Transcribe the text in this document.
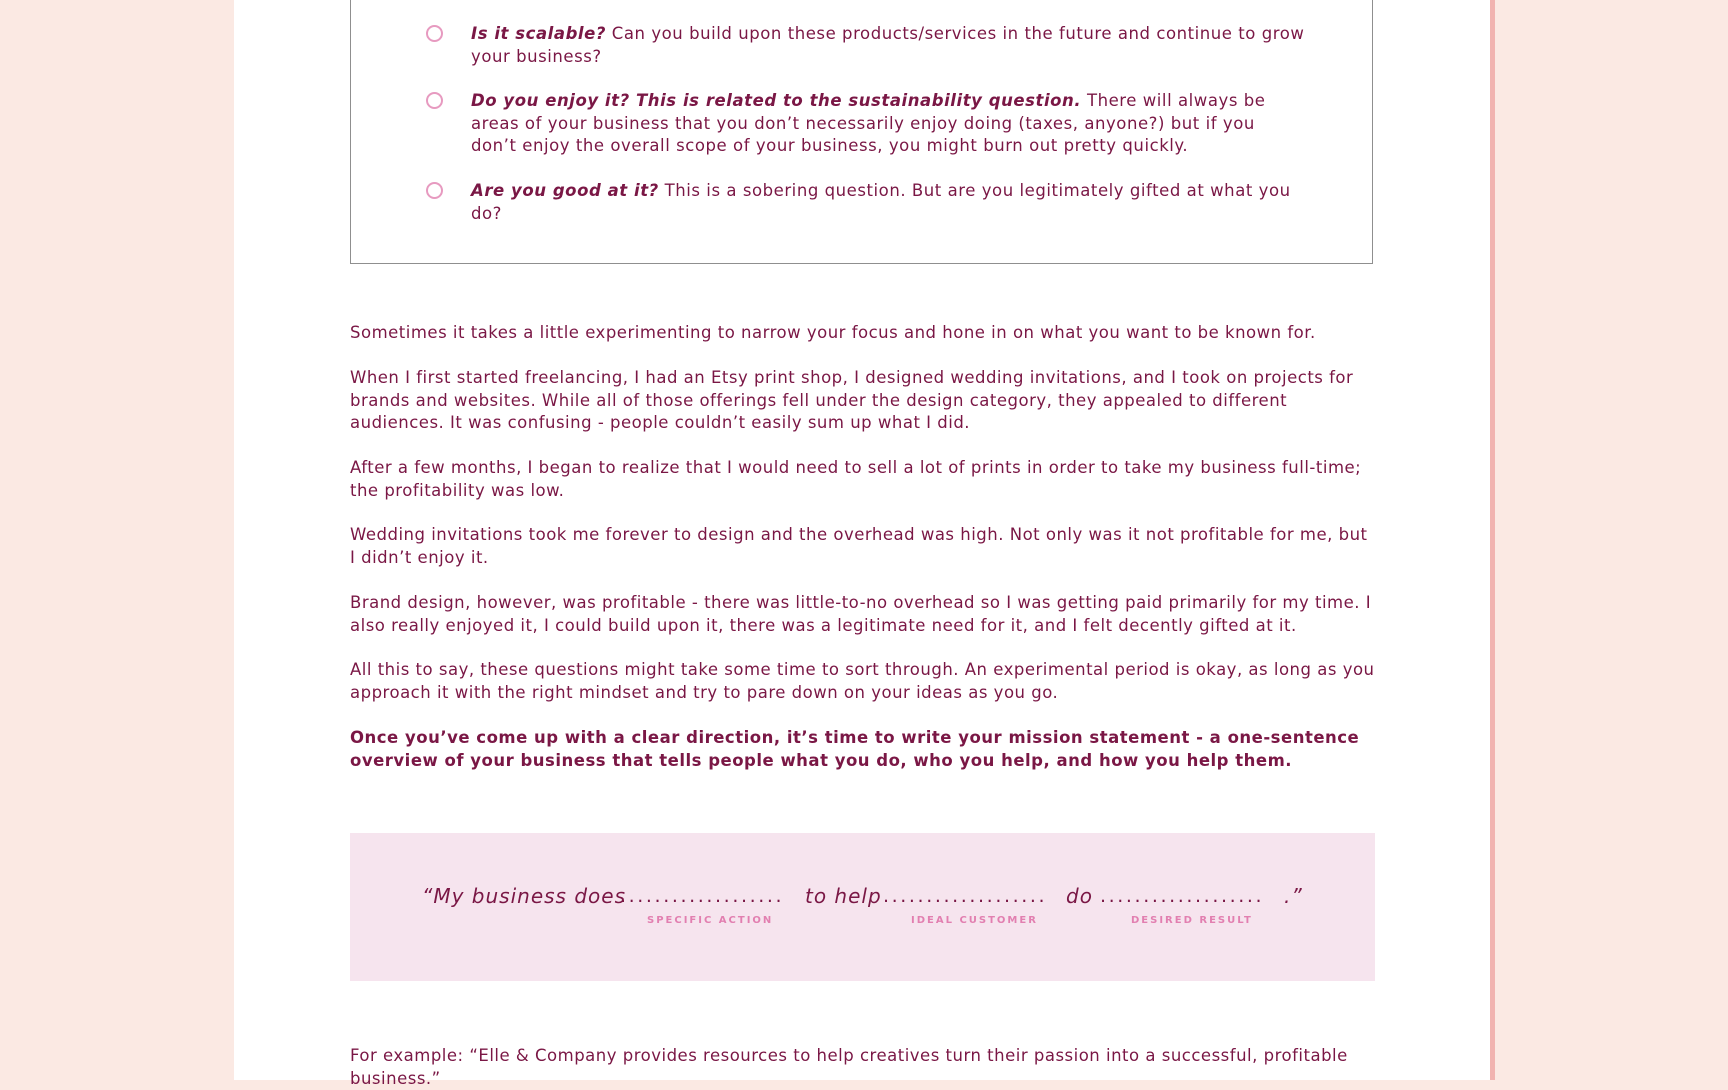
Is it scalable? Can you build upon these products/services in the future and continue to grow your business?
Do you enjoy it? This is related to the sustainability question. There will always be areas of your business that you don’t necessarily enjoy doing (taxes, anyone?) but if you don’t enjoy the overall scope of your business, you might burn out pretty quickly.
Are you good at it? This is a sobering question. But are you legitimately gifted at what you do?

Sometimes it takes a little experimenting to narrow your focus and hone in on what you want to be known for.

When I first started freelancing, I had an Etsy print shop, I designed wedding invitations, and I took on projects for brands and websites. While all of those offerings fell under the design category, they appealed to different audiences. It was confusing - people couldn’t easily sum up what I did.

After a few months, I began to realize that I would need to sell a lot of prints in order to take my business full-time; the profitability was low.

Wedding invitations took me forever to design and the overhead was high. Not only was it not profitable for me, but I didn’t enjoy it.

Brand design, however, was profitable - there was little-to-no overhead so I was getting paid primarily for my time. I also really enjoyed it, I could build upon it, there was a legitimate need for it, and I felt decently gifted at it.

All this to say, these questions might take some time to sort through. An experimental period is okay, as long as you approach it with the right mindset and try to pare down on your ideas as you go.

Once you’ve come up with a clear direction, it’s time to write your mission statement - a one-sentence overview of your business that tells people what you do, who you help, and how you help them.

“My business does
................... to help ................... do ................... .”
SPECIFIC ACTION	IDEAL CUSTOMER	DESIRED RESULT

For example: “Elle & Company provides resources to help creatives turn their passion into a successful, profitable business.”
